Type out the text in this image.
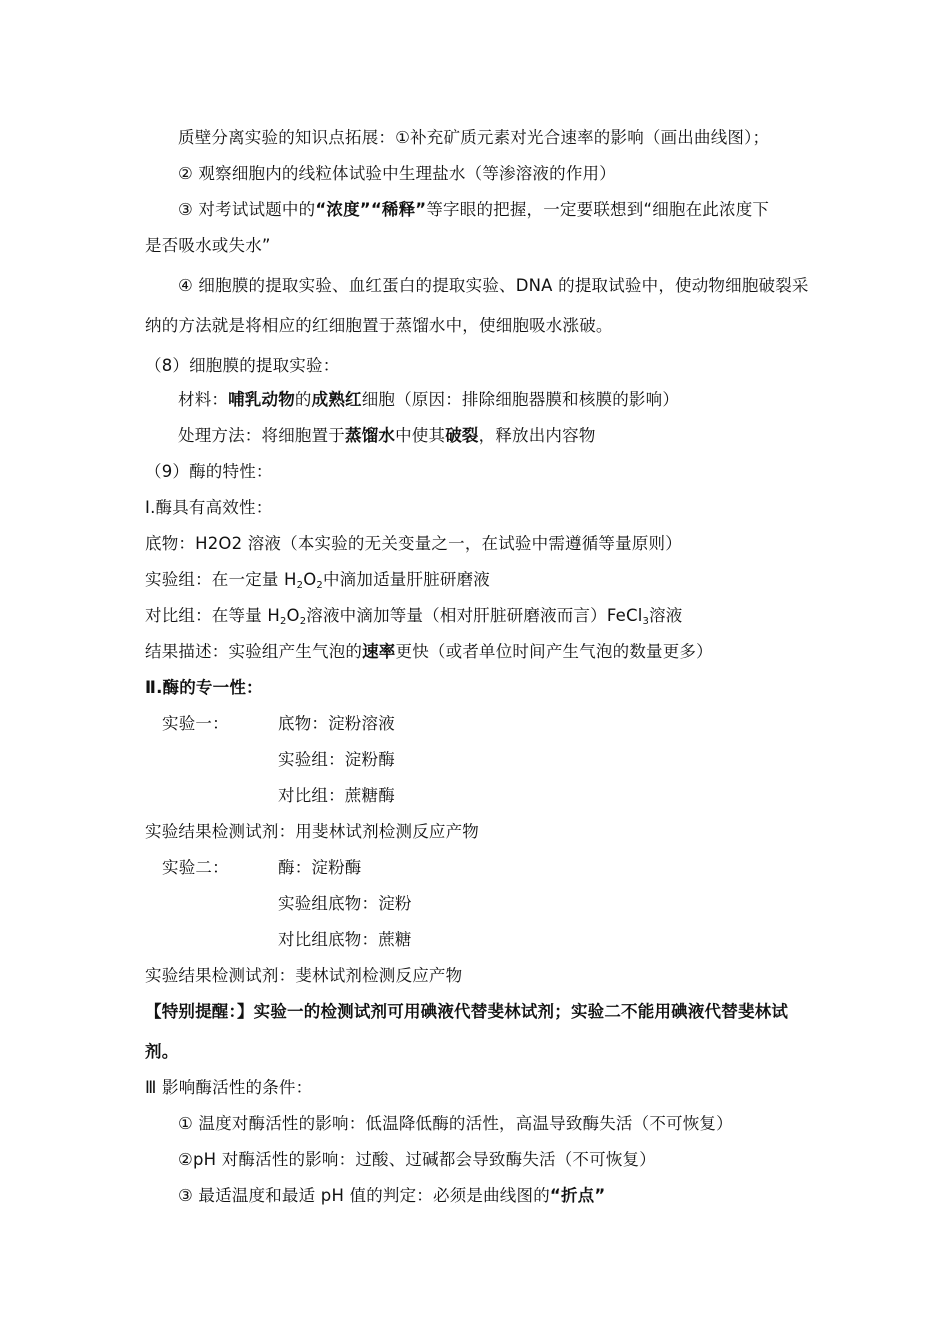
质壁分离实验的知识点拓展：①补充矿质元素对光合速率的影响（画出曲线图）；
② 观察细胞内的线粒体试验中生理盐水（等渗溶液的作用）
③ 对考试试题中的“浓度”“稀释”等字眼的把握，一定要联想到“细胞在此浓度下
是否吸水或失水”
④ 细胞膜的提取实验、血红蛋白的提取实验、DNA 的提取试验中，使动物细胞破裂采
纳的方法就是将相应的红细胞置于蒸馏水中，使细胞吸水涨破。
（8）细胞膜的提取实验：
材料：哺乳动物的成熟红细胞（原因：排除细胞器膜和核膜的影响）
处理方法：将细胞置于蒸馏水中使其破裂，释放出内容物
（9）酶的特性：
Ⅰ.酶具有高效性：
底物：H2O2 溶液（本实验的无关变量之一，在试验中需遵循等量原则）
实验组：在一定量 $H_2O_2$中滴加适量肝脏研磨液
对比组：在等量 $H_2O_2$溶液中滴加等量（相对肝脏研磨液而言）FeCl$_3$溶液
结果描述：实验组产生气泡的速率更快（或者单位时间产生气泡的数量更多）
Ⅱ.酶的专一性：
实验一：	底物：淀粉溶液
实验组：淀粉酶
对比组：蔗糖酶
实验结果检测试剂：用斐林试剂检测反应产物
实验二：	酶：淀粉酶
实验组底物：淀粉
对比组底物：蔗糖
实验结果检测试剂：斐林试剂检测反应产物
【特别提醒：】实验一的检测试剂可用碘液代替斐林试剂；实验二不能用碘液代替斐林试
剂。
Ⅲ 影响酶活性的条件：
① 温度对酶活性的影响：低温降低酶的活性，高温导致酶失活（不可恢复）
②pH 对酶活性的影响：过酸、过碱都会导致酶失活（不可恢复）
③ 最适温度和最适 pH 值的判定：必须是曲线图的“折点”
